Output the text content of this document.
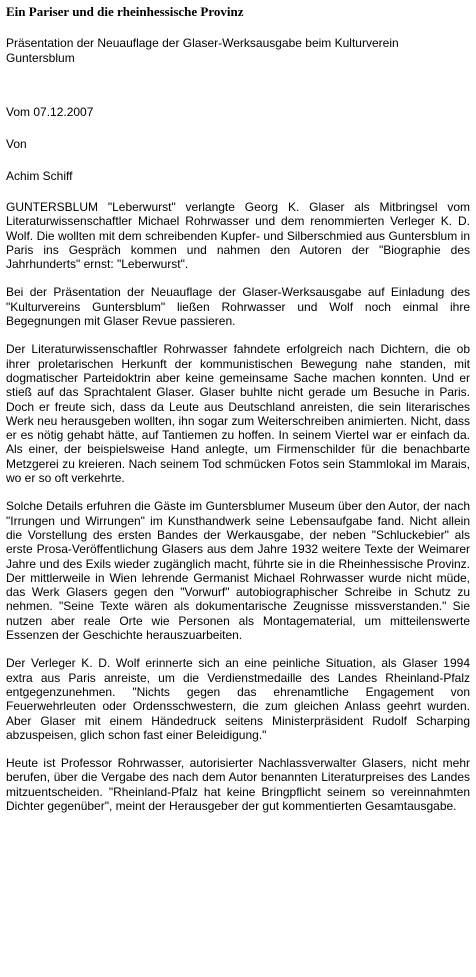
Ein Pariser und die rheinhessische Provinz
Präsentation der Neuauflage der Glaser-Werksausgabe beim Kulturverein Guntersblum
Vom 07.12.2007
Von
Achim Schiff
GUNTERSBLUM "Leberwurst" verlangte Georg K. Glaser als Mitbringsel vom Literaturwissenschaftler Michael Rohrwasser und dem renommierten Verleger K. D. Wolf. Die wollten mit dem schreibenden Kupfer- und Silberschmied aus Guntersblum in Paris ins Gespräch kommen und nahmen den Autoren der "Biographie des Jahrhunderts" ernst: "Leberwurst".
Bei der Präsentation der Neuauflage der Glaser-Werksausgabe auf Einladung des "Kulturvereins Guntersblum" ließen Rohrwasser und Wolf noch einmal ihre Begegnungen mit Glaser Revue passieren.
Der Literaturwissenschaftler Rohrwasser fahndete erfolgreich nach Dichtern, die ob ihrer proletarischen Herkunft der kommunistischen Bewegung nahe standen, mit dogmatischer Parteidoktrin aber keine gemeinsame Sache machen konnten. Und er stieß auf das Sprachtalent Glaser. Glaser buhlte nicht gerade um Besuche in Paris. Doch er freute sich, dass da Leute aus Deutschland anreisten, die sein literarisches Werk neu herausgeben wollten, ihn sogar zum Weiterschreiben animierten. Nicht, dass er es nötig gehabt hätte, auf Tantiemen zu hoffen. In seinem Viertel war er einfach da. Als einer, der beispielsweise Hand anlegte, um Firmenschilder für die benachbarte Metzgerei zu kreieren. Nach seinem Tod schmücken Fotos sein Stammlokal im Marais, wo er so oft verkehrte.
Solche Details erfuhren die Gäste im Guntersblumer Museum über den Autor, der nach "Irrungen und Wirrungen" im Kunsthandwerk seine Lebensaufgabe fand. Nicht allein die Vorstellung des ersten Bandes der Werkausgabe, der neben "Schluckebier" als erste Prosa-Veröffentlichung Glasers aus dem Jahre 1932 weitere Texte der Weimarer Jahre und des Exils wieder zugänglich macht, führte sie in die Rheinhessische Provinz. Der mittlerweile in Wien lehrende Germanist Michael Rohrwasser wurde nicht müde, das Werk Glasers gegen den "Vorwurf" autobiographischer Schreibe in Schutz zu nehmen. "Seine Texte wären als dokumentarische Zeugnisse missverstanden." Sie nutzen aber reale Orte wie Personen als Montagematerial, um mitteilenswerte Essenzen der Geschichte herauszuarbeiten.
Der Verleger K. D. Wolf erinnerte sich an eine peinliche Situation, als Glaser 1994 extra aus Paris anreiste, um die Verdienstmedaille des Landes Rheinland-Pfalz entgegenzunehmen. "Nichts gegen das ehrenamtliche Engagement von Feuerwehrleuten oder Ordensschwestern, die zum gleichen Anlass geehrt wurden. Aber Glaser mit einem Händedruck seitens Ministerpräsident Rudolf Scharping abzuspeisen, glich schon fast einer Beleidigung."
Heute ist Professor Rohrwasser, autorisierter Nachlassverwalter Glasers, nicht mehr berufen, über die Vergabe des nach dem Autor benannten Literaturpreises des Landes mitzuentscheiden. "Rheinland-Pfalz hat keine Bringpflicht seinem so vereinnahmten Dichter gegenüber", meint der Herausgeber der gut kommentierten Gesamtausgabe.
